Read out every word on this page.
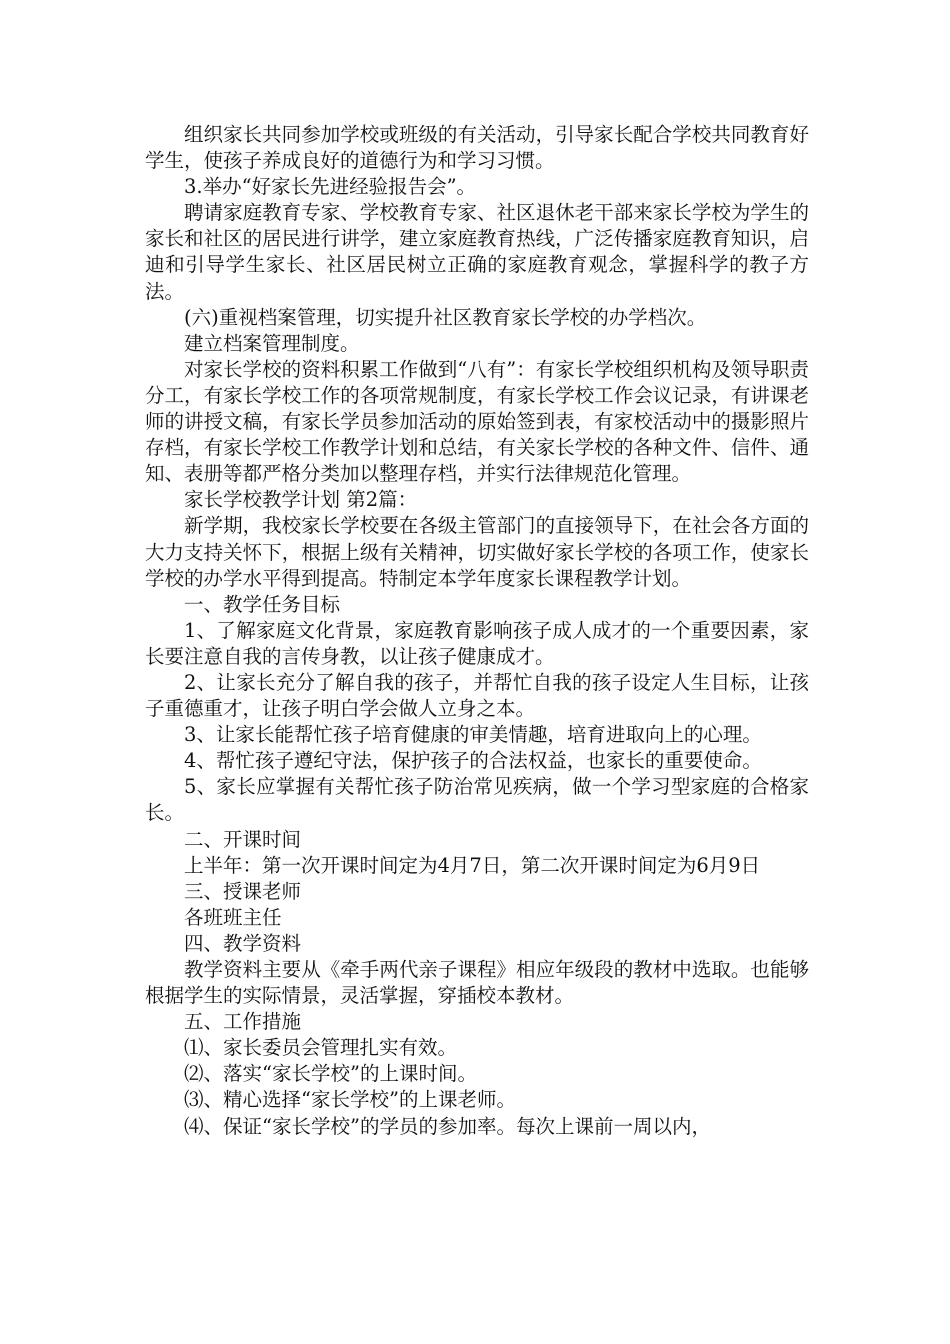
组织家长共同参加学校或班级的有关活动，引导家长配合学校共同教育好学生，使孩子养成良好的道德行为和学习习惯。

3.举办“好家长先进经验报告会”。

聘请家庭教育专家、学校教育专家、社区退休老干部来家长学校为学生的家长和社区的居民进行讲学，建立家庭教育热线，广泛传播家庭教育知识，启迪和引导学生家长、社区居民树立正确的家庭教育观念，掌握科学的教子方法。

(六)重视档案管理，切实提升社区教育家长学校的办学档次。

建立档案管理制度。

对家长学校的资料积累工作做到“八有”：有家长学校组织机构及领导职责分工，有家长学校工作的各项常规制度，有家长学校工作会议记录，有讲课老师的讲授文稿，有家长学员参加活动的原始签到表，有家校活动中的摄影照片存档，有家长学校工作教学计划和总结，有关家长学校的各种文件、信件、通知、表册等都严格分类加以整理存档，并实行法律规范化管理。

家长学校教学计划 第2篇：

新学期，我校家长学校要在各级主管部门的直接领导下，在社会各方面的大力支持关怀下，根据上级有关精神，切实做好家长学校的各项工作，使家长学校的办学水平得到提高。特制定本学年度家长课程教学计划。

一、教学任务目标

1、了解家庭文化背景，家庭教育影响孩子成人成才的一个重要因素，家长要注意自我的言传身教，以让孩子健康成才。

2、让家长充分了解自我的孩子，并帮忙自我的孩子设定人生目标，让孩子重德重才，让孩子明白学会做人立身之本。

3、让家长能帮忙孩子培育健康的审美情趣，培育进取向上的心理。

4、帮忙孩子遵纪守法，保护孩子的合法权益，也家长的重要使命。

5、家长应掌握有关帮忙孩子防治常见疾病，做一个学习型家庭的合格家长。

二、开课时间

上半年：第一次开课时间定为4月7日，第二次开课时间定为6月9日

三、授课老师

各班班主任

四、教学资料

教学资料主要从《牵手两代亲子课程》相应年级段的教材中选取。也能够根据学生的实际情景，灵活掌握，穿插校本教材。

五、工作措施

⑴、家长委员会管理扎实有效。

⑵、落实“家长学校”的上课时间。

⑶、精心选择“家长学校”的上课老师。

⑷、保证“家长学校”的学员的参加率。每次上课前一周以内，
